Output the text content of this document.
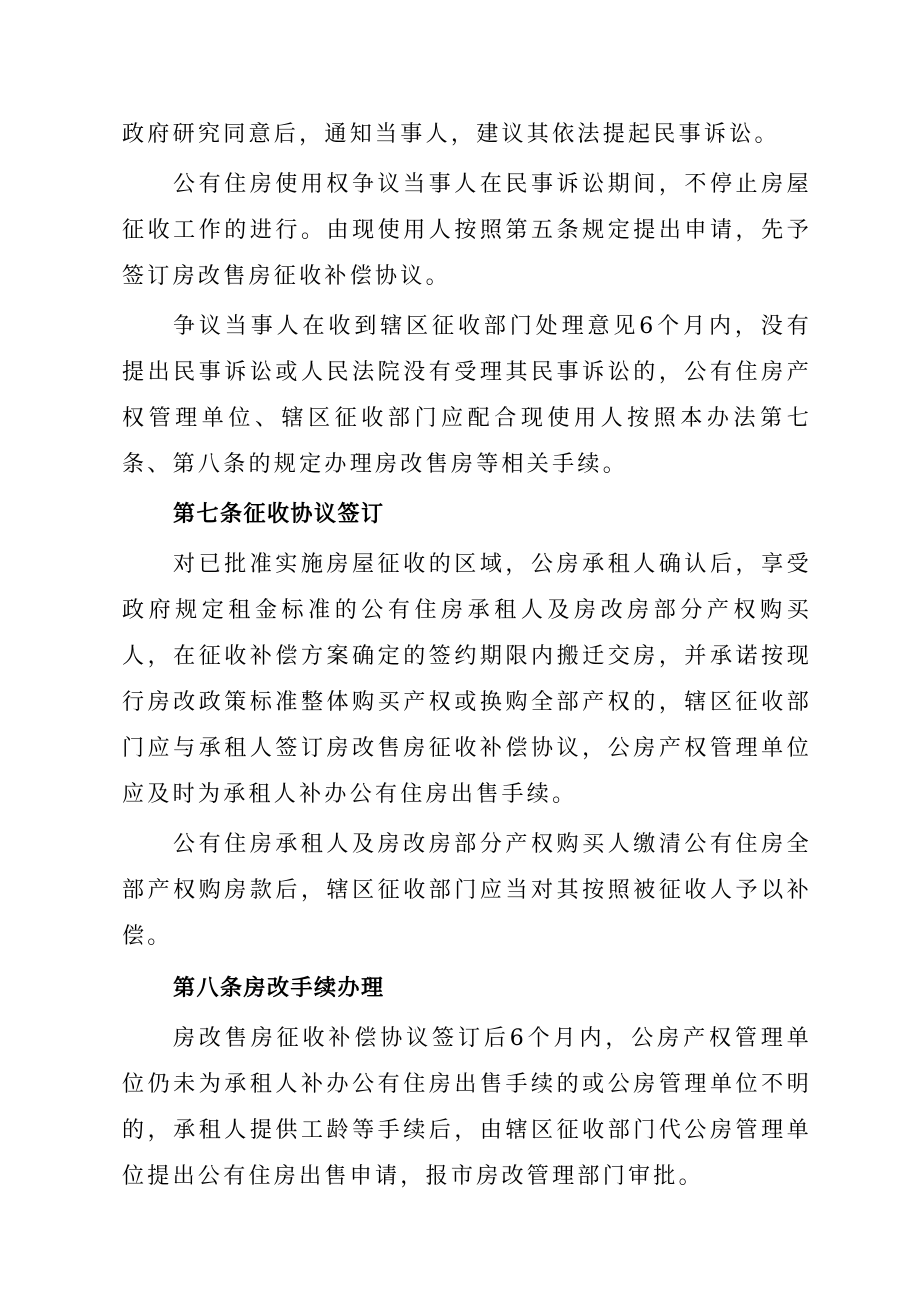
政府研究同意后，通知当事人，建议其依法提起民事诉讼。

公有住房使用权争议当事人在民事诉讼期间，不停止房屋征收工作的进行。由现使用人按照第五条规定提出申请，先予签订房改售房征收补偿协议。

争议当事人在收到辖区征收部门处理意见6个月内，没有提出民事诉讼或人民法院没有受理其民事诉讼的，公有住房产权管理单位、辖区征收部门应配合现使用人按照本办法第七条、第八条的规定办理房改售房等相关手续。

第七条征收协议签订

对已批准实施房屋征收的区域，公房承租人确认后，享受政府规定租金标准的公有住房承租人及房改房部分产权购买人，在征收补偿方案确定的签约期限内搬迁交房，并承诺按现行房改政策标准整体购买产权或换购全部产权的，辖区征收部门应与承租人签订房改售房征收补偿协议，公房产权管理单位应及时为承租人补办公有住房出售手续。

公有住房承租人及房改房部分产权购买人缴清公有住房全部产权购房款后，辖区征收部门应当对其按照被征收人予以补偿。

第八条房改手续办理

房改售房征收补偿协议签订后6个月内，公房产权管理单位仍未为承租人补办公有住房出售手续的或公房管理单位不明的，承租人提供工龄等手续后，由辖区征收部门代公房管理单位提出公有住房出售申请，报市房改管理部门审批。
